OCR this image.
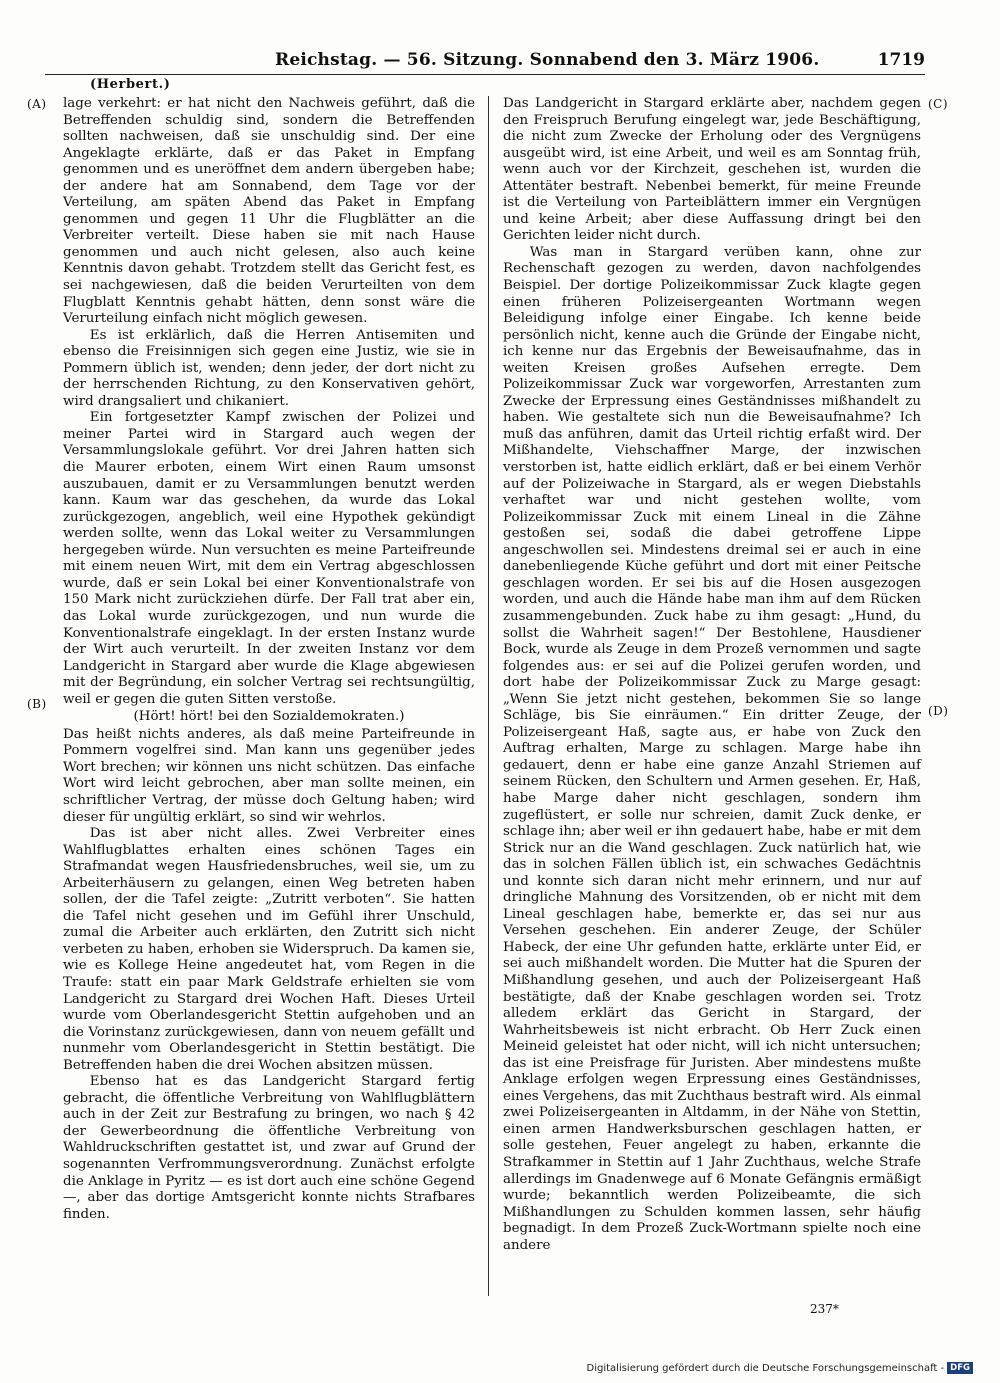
Reichstag. — 56. Sitzung. Sonnabend den 3. März 1906.	1719
(Herbert.)
(A)
(B)
(C)
(D)

lage verkehrt: er hat nicht den Nachweis geführt, daß die Betreffenden schuldig sind, sondern die Betreffenden sollten nachweisen, daß sie unschuldig sind. Der eine Angeklagte erklärte, daß er das Paket in Empfang genommen und es uneröffnet dem andern übergeben habe; der andere hat am Sonnabend, dem Tage vor der Verteilung, am späten Abend das Paket in Empfang genommen und gegen 11 Uhr die Flugblätter an die Verbreiter verteilt. Diese haben sie mit nach Hause genommen und auch nicht gelesen, also auch keine Kenntnis davon gehabt. Trotzdem stellt das Gericht fest, es sei nachgewiesen, daß die beiden Verurteilten von dem Flugblatt Kenntnis gehabt hätten, denn sonst wäre die Verurteilung einfach nicht möglich gewesen.

Es ist erklärlich, daß die Herren Antisemiten und ebenso die Freisinnigen sich gegen eine Justiz, wie sie in Pommern üblich ist, wenden; denn jeder, der dort nicht zu der herrschenden Richtung, zu den Konservativen gehört, wird drangsaliert und chikaniert.

Ein fortgesetzter Kampf zwischen der Polizei und meiner Partei wird in Stargard auch wegen der Versammlungslokale geführt. Vor drei Jahren hatten sich die Maurer erboten, einem Wirt einen Raum umsonst auszubauen, damit er zu Versammlungen benutzt werden kann. Kaum war das geschehen, da wurde das Lokal zurückgezogen, angeblich, weil eine Hypothek gekündigt werden sollte, wenn das Lokal weiter zu Versammlungen hergegeben würde. Nun versuchten es meine Parteifreunde mit einem neuen Wirt, mit dem ein Vertrag abgeschlossen wurde, daß er sein Lokal bei einer Konventionalstrafe von 150 Mark nicht zurückziehen dürfe. Der Fall trat aber ein, das Lokal wurde zurückgezogen, und nun wurde die Konventionalstrafe eingeklagt. In der ersten Instanz wurde der Wirt auch verurteilt. In der zweiten Instanz vor dem Landgericht in Stargard aber wurde die Klage abgewiesen mit der Begründung, ein solcher Vertrag sei rechtsungültig, weil er gegen die guten Sitten verstoße.

(Hört! hört! bei den Sozialdemokraten.)

Das heißt nichts anderes, als daß meine Parteifreunde in Pommern vogelfrei sind. Man kann uns gegenüber jedes Wort brechen; wir können uns nicht schützen. Das einfache Wort wird leicht gebrochen, aber man sollte meinen, ein schriftlicher Vertrag, der müsse doch Geltung haben; wird dieser für ungültig erklärt, so sind wir wehrlos.

Das ist aber nicht alles. Zwei Verbreiter eines Wahlflugblattes erhalten eines schönen Tages ein Strafmandat wegen Hausfriedensbruches, weil sie, um zu Arbeiterhäusern zu gelangen, einen Weg betreten haben sollen, der die Tafel zeigte: „Zutritt verboten“. Sie hatten die Tafel nicht gesehen und im Gefühl ihrer Unschuld, zumal die Arbeiter auch erklärten, den Zutritt sich nicht verbeten zu haben, erhoben sie Widerspruch. Da kamen sie, wie es Kollege Heine angedeutet hat, vom Regen in die Traufe: statt ein paar Mark Geldstrafe erhielten sie vom Landgericht zu Stargard drei Wochen Haft. Dieses Urteil wurde vom Oberlandesgericht Stettin aufgehoben und an die Vorinstanz zurückgewiesen, dann von neuem gefällt und nunmehr vom Oberlandesgericht in Stettin bestätigt. Die Betreffenden haben die drei Wochen absitzen müssen.

Ebenso hat es das Landgericht Stargard fertig gebracht, die öffentliche Verbreitung von Wahlflugblättern auch in der Zeit zur Bestrafung zu bringen, wo nach § 42 der Gewerbeordnung die öffentliche Verbreitung von Wahldruckschriften gestattet ist, und zwar auf Grund der sogenannten Verfrommungsverordnung. Zunächst erfolgte die Anklage in Pyritz — es ist dort auch eine schöne Gegend —, aber das dortige Amtsgericht konnte nichts Strafbares finden.

Das Landgericht in Stargard erklärte aber, nachdem gegen den Freispruch Berufung eingelegt war, jede Beschäftigung, die nicht zum Zwecke der Erholung oder des Vergnügens ausgeübt wird, ist eine Arbeit, und weil es am Sonntag früh, wenn auch vor der Kirchzeit, geschehen ist, wurden die Attentäter bestraft. Nebenbei bemerkt, für meine Freunde ist die Verteilung von Parteiblättern immer ein Vergnügen und keine Arbeit; aber diese Auffassung dringt bei den Gerichten leider nicht durch.

Was man in Stargard verüben kann, ohne zur Rechenschaft gezogen zu werden, davon nachfolgendes Beispiel. Der dortige Polizeikommissar Zuck klagte gegen einen früheren Polizeisergeanten Wortmann wegen Beleidigung infolge einer Eingabe. Ich kenne beide persönlich nicht, kenne auch die Gründe der Eingabe nicht, ich kenne nur das Ergebnis der Beweisaufnahme, das in weiten Kreisen großes Aufsehen erregte. Dem Polizeikommissar Zuck war vorgeworfen, Arrestanten zum Zwecke der Erpressung eines Geständnisses mißhandelt zu haben. Wie gestaltete sich nun die Beweisaufnahme? Ich muß das anführen, damit das Urteil richtig erfaßt wird. Der Mißhandelte, Viehschaffner Marge, der inzwischen verstorben ist, hatte eidlich erklärt, daß er bei einem Verhör auf der Polizeiwache in Stargard, als er wegen Diebstahls verhaftet war und nicht gestehen wollte, vom Polizeikommissar Zuck mit einem Lineal in die Zähne gestoßen sei, sodaß die dabei getroffene Lippe angeschwollen sei. Mindestens dreimal sei er auch in eine danebenliegende Küche geführt und dort mit einer Peitsche geschlagen worden. Er sei bis auf die Hosen ausgezogen worden, und auch die Hände habe man ihm auf dem Rücken zusammengebunden. Zuck habe zu ihm gesagt: „Hund, du sollst die Wahrheit sagen!“ Der Bestohlene, Hausdiener Bock, wurde als Zeuge in dem Prozeß vernommen und sagte folgendes aus: er sei auf die Polizei gerufen worden, und dort habe der Polizeikommissar Zuck zu Marge gesagt: „Wenn Sie jetzt nicht gestehen, bekommen Sie so lange Schläge, bis Sie einräumen.“ Ein dritter Zeuge, der Polizeisergeant Haß, sagte aus, er habe von Zuck den Auftrag erhalten, Marge zu schlagen. Marge habe ihn gedauert, denn er habe eine ganze Anzahl Striemen auf seinem Rücken, den Schultern und Armen gesehen. Er, Haß, habe Marge daher nicht geschlagen, sondern ihm zugeflüstert, er solle nur schreien, damit Zuck denke, er schlage ihn; aber weil er ihn gedauert habe, habe er mit dem Strick nur an die Wand geschlagen. Zuck natürlich hat, wie das in solchen Fällen üblich ist, ein schwaches Gedächtnis und konnte sich daran nicht mehr erinnern, und nur auf dringliche Mahnung des Vorsitzenden, ob er nicht mit dem Lineal geschlagen habe, bemerkte er, das sei nur aus Versehen geschehen. Ein anderer Zeuge, der Schüler Habeck, der eine Uhr gefunden hatte, erklärte unter Eid, er sei auch mißhandelt worden. Die Mutter hat die Spuren der Mißhandlung gesehen, und auch der Polizeisergeant Haß bestätigte, daß der Knabe geschlagen worden sei. Trotz alledem erklärt das Gericht in Stargard, der Wahrheitsbeweis ist nicht erbracht. Ob Herr Zuck einen Meineid geleistet hat oder nicht, will ich nicht untersuchen; das ist eine Preisfrage für Juristen. Aber mindestens mußte Anklage erfolgen wegen Erpressung eines Geständnisses, eines Vergehens, das mit Zuchthaus bestraft wird. Als einmal zwei Polizeisergeanten in Altdamm, in der Nähe von Stettin, einen armen Handwerksburschen geschlagen hatten, er solle gestehen, Feuer angelegt zu haben, erkannte die Strafkammer in Stettin auf 1 Jahr Zuchthaus, welche Strafe allerdings im Gnadenwege auf 6 Monate Gefängnis ermäßigt wurde; bekanntlich werden Polizeibeamte, die sich Mißhandlungen zu Schulden kommen lassen, sehr häufig begnadigt. In dem Prozeß Zuck-Wortmann spielte noch eine andere

237*
Digitalisierung gefördert durch die Deutsche Forschungsgemeinschaft - DFG
